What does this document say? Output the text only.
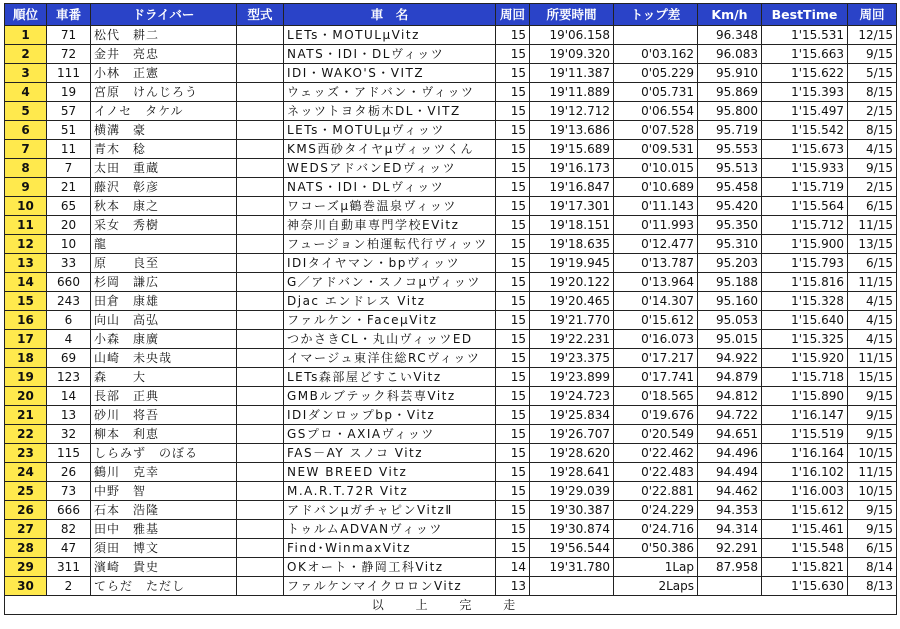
順位	車番	ドライバー	型式	車　名	周回	所要時間	トップ差	Km/h	BestTime	周回
1	71	松代　耕二		LETs・MOTULμVitz	15	19'06.158		96.348	1'15.531	12/15
2	72	金井　亮忠		NATS・IDI・DLヴィッツ	15	19'09.320	0'03.162	96.083	1'15.663	9/15
3	111	小林　正憲		IDI・WAKO'S・VITZ	15	19'11.387	0'05.229	95.910	1'15.622	5/15
4	19	宮原　けんじろう		ウェッズ・アドバン・ヴィッツ	15	19'11.889	0'05.731	95.869	1'15.393	8/15
5	57	イノセ　タケル		ネッツトヨタ栃木DL・VITZ	15	19'12.712	0'06.554	95.800	1'15.497	2/15
6	51	横溝　豪		LETs・MOTULμヴィッツ	15	19'13.686	0'07.528	95.719	1'15.542	8/15
7	11	青木　稔		KMS西砂タイヤμヴィッツくん	15	19'15.689	0'09.531	95.553	1'15.673	4/15
8	7	太田　重蔵		WEDSアドバンEDヴィッツ	15	19'16.173	0'10.015	95.513	1'15.933	9/15
9	21	藤沢　彰彦		NATS・IDI・DLヴィッツ	15	19'16.847	0'10.689	95.458	1'15.719	2/15
10	65	秋本　康之		ワコーズμ鶴巻温泉ヴィッツ	15	19'17.301	0'11.143	95.420	1'15.564	6/15
11	20	采女　秀樹		神奈川自動車専門学校EVitz	15	19'18.151	0'11.993	95.350	1'15.712	11/15
12	10	龍		フュージョン柏運転代行ヴィッツ	15	19'18.635	0'12.477	95.310	1'15.900	13/15
13	33	原　　良至		IDIタイヤマン・bpヴィッツ	15	19'19.945	0'13.787	95.203	1'15.793	6/15
14	660	杉岡　謙広		G／アドバン・スノコμヴィッツ	15	19'20.122	0'13.964	95.188	1'15.816	11/15
15	243	田倉　康雄		Djac エンドレス Vitz	15	19'20.465	0'14.307	95.160	1'15.328	4/15
16	6	向山　高弘		ファルケン・FaceμVitz	15	19'21.770	0'15.612	95.053	1'15.640	4/15
17	4	小森　康廣		つかさきCL・丸山ヴィッツED	15	19'22.231	0'16.073	95.015	1'15.325	4/15
18	69	山崎　未央哉		イマージュ東洋住総RCヴィッツ	15	19'23.375	0'17.217	94.922	1'15.920	11/15
19	123	森　　大		LETs森部屋どすこいVitz	15	19'23.899	0'17.741	94.879	1'15.718	15/15
20	14	長部　正典		GMBルブテック科芸専Vitz	15	19'24.723	0'18.565	94.812	1'15.890	9/15
21	13	砂川　将吾		IDIダンロップbp・Vitz	15	19'25.834	0'19.676	94.722	1'16.147	9/15
22	32	柳本　利恵		GSプロ・AXIAヴィッツ	15	19'26.707	0'20.549	94.651	1'15.519	9/15
23	115	しらみず　のぼる		FAS－AY スノコ Vitz	15	19'28.620	0'22.462	94.496	1'16.164	10/15
24	26	鶴川　克幸		NEW BREED Vitz	15	19'28.641	0'22.483	94.494	1'16.102	11/15
25	73	中野　智		M.A.R.T.72R Vitz	15	19'29.039	0'22.881	94.462	1'16.003	10/15
26	666	石本　浩隆		アドバンμガチャピンVitzⅡ	15	19'30.387	0'24.229	94.353	1'15.612	9/15
27	82	田中　雅基		トゥルムADVANヴィッツ	15	19'30.874	0'24.716	94.314	1'15.461	9/15
28	47	須田　博文		Find･WinmaxVitz	15	19'56.544	0'50.386	92.291	1'15.548	6/15
29	311	濱崎　貴史		OKオート・静岡工科Vitz	14	19'31.780	1Lap	87.958	1'15.821	8/14
30	2	てらだ　ただし		ファルケンマイクロロンVitz	13		2Laps		1'15.630	8/13
以 上 完 走										
